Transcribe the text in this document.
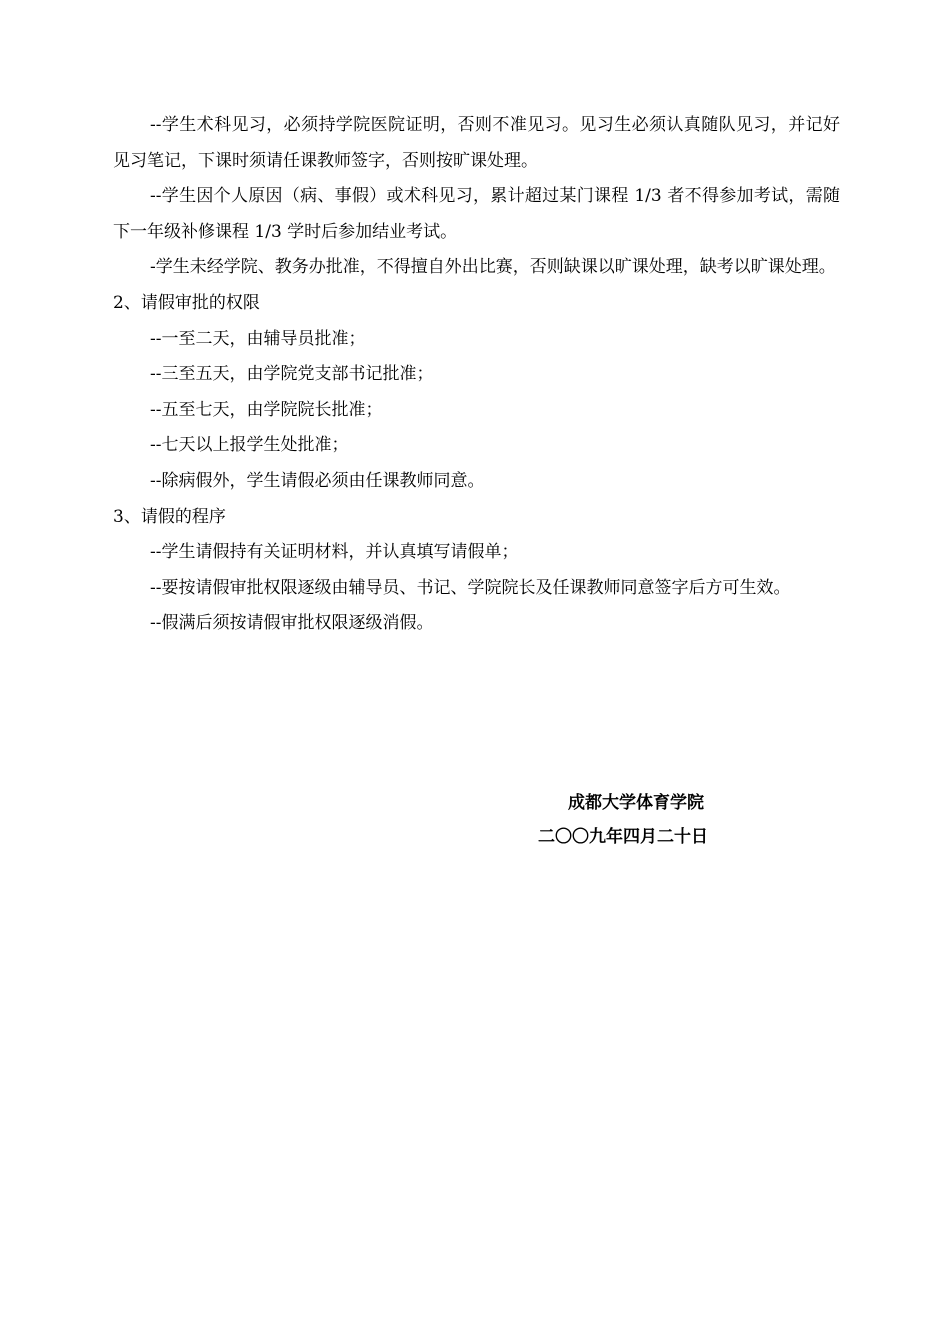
--学生术科见习，必须持学院医院证明，否则不准见习。见习生必须认真随队见习，并记好见习笔记，下课时须请任课教师签字，否则按旷课处理。

--学生因个人原因（病、事假）或术科见习，累计超过某门课程 1/3 者不得参加考试，需随下一年级补修课程 1/3 学时后参加结业考试。

-学生未经学院、教务办批准，不得擅自外出比赛，否则缺课以旷课处理，缺考以旷课处理。

2、请假审批的权限

--一至二天，由辅导员批准；

--三至五天，由学院党支部书记批准；

--五至七天，由学院院长批准；

--七天以上报学生处批准；

--除病假外，学生请假必须由任课教师同意。

3、请假的程序

--学生请假持有关证明材料，并认真填写请假单；

--要按请假审批权限逐级由辅导员、书记、学院院长及任课教师同意签字后方可生效。

--假满后须按请假审批权限逐级消假。

成都大学体育学院
二〇〇九年四月二十日
